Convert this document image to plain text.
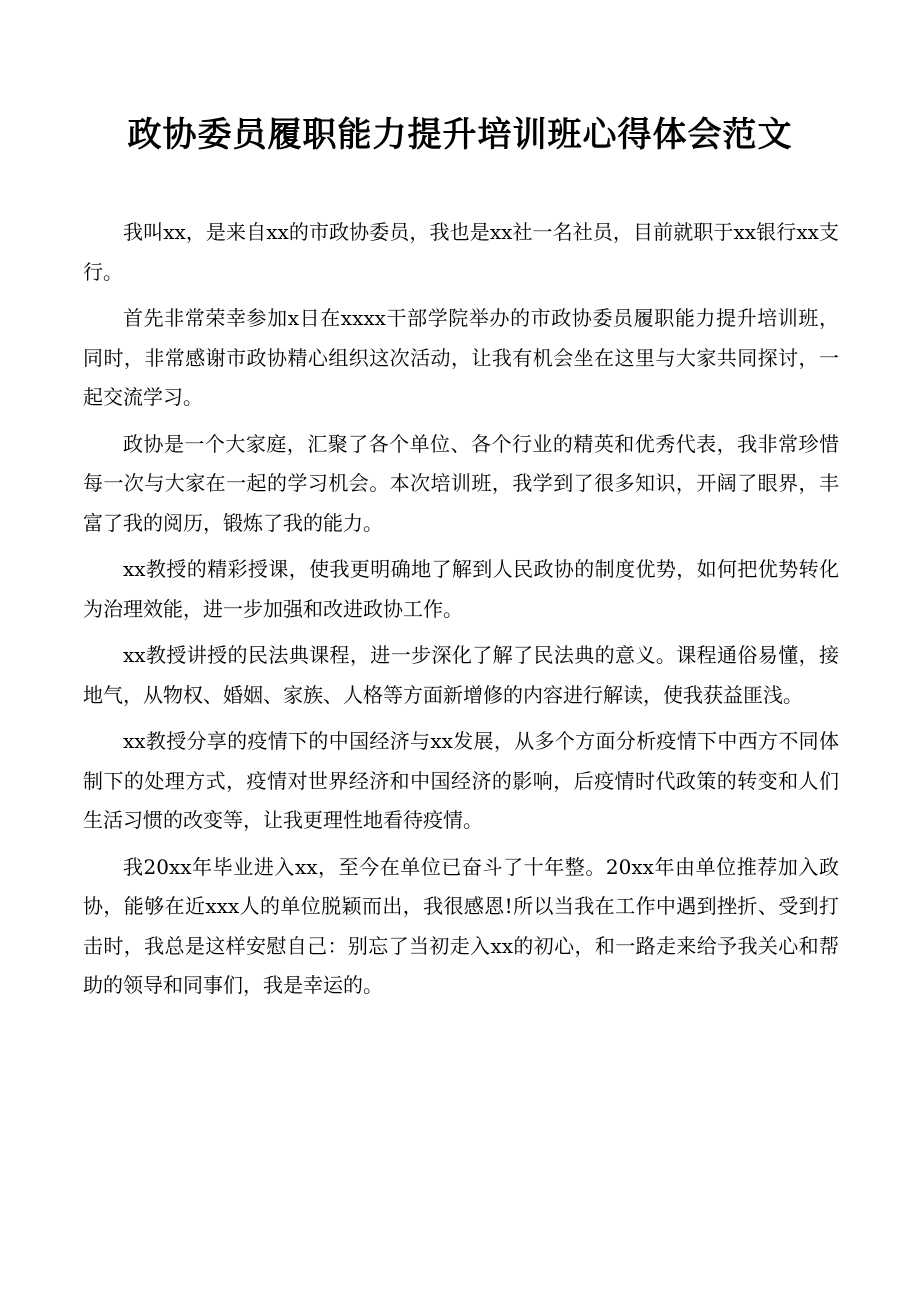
政协委员履职能力提升培训班心得体会范文

我叫xx，是来自xx的市政协委员，我也是xx社一名社员，目前就职于xx银行xx支行。

首先非常荣幸参加x日在xxxx干部学院举办的市政协委员履职能力提升培训班，同时，非常感谢市政协精心组织这次活动，让我有机会坐在这里与大家共同探讨，一起交流学习。

政协是一个大家庭，汇聚了各个单位、各个行业的精英和优秀代表，我非常珍惜每一次与大家在一起的学习机会。本次培训班，我学到了很多知识，开阔了眼界，丰富了我的阅历，锻炼了我的能力。

xx教授的精彩授课，使我更明确地了解到人民政协的制度优势，如何把优势转化为治理效能，进一步加强和改进政协工作。

xx教授讲授的民法典课程，进一步深化了解了民法典的意义。课程通俗易懂，接地气，从物权、婚姻、家族、人格等方面新增修的内容进行解读，使我获益匪浅。

xx教授分享的疫情下的中国经济与xx发展，从多个方面分析疫情下中西方不同体制下的处理方式，疫情对世界经济和中国经济的影响，后疫情时代政策的转变和人们生活习惯的改变等，让我更理性地看待疫情。

我20xx年毕业进入xx，至今在单位已奋斗了十年整。20xx年由单位推荐加入政协，能够在近xxx人的单位脱颖而出，我很感恩!所以当我在工作中遇到挫折、受到打击时，我总是这样安慰自己：别忘了当初走入xx的初心，和一路走来给予我关心和帮助的领导和同事们，我是幸运的。
